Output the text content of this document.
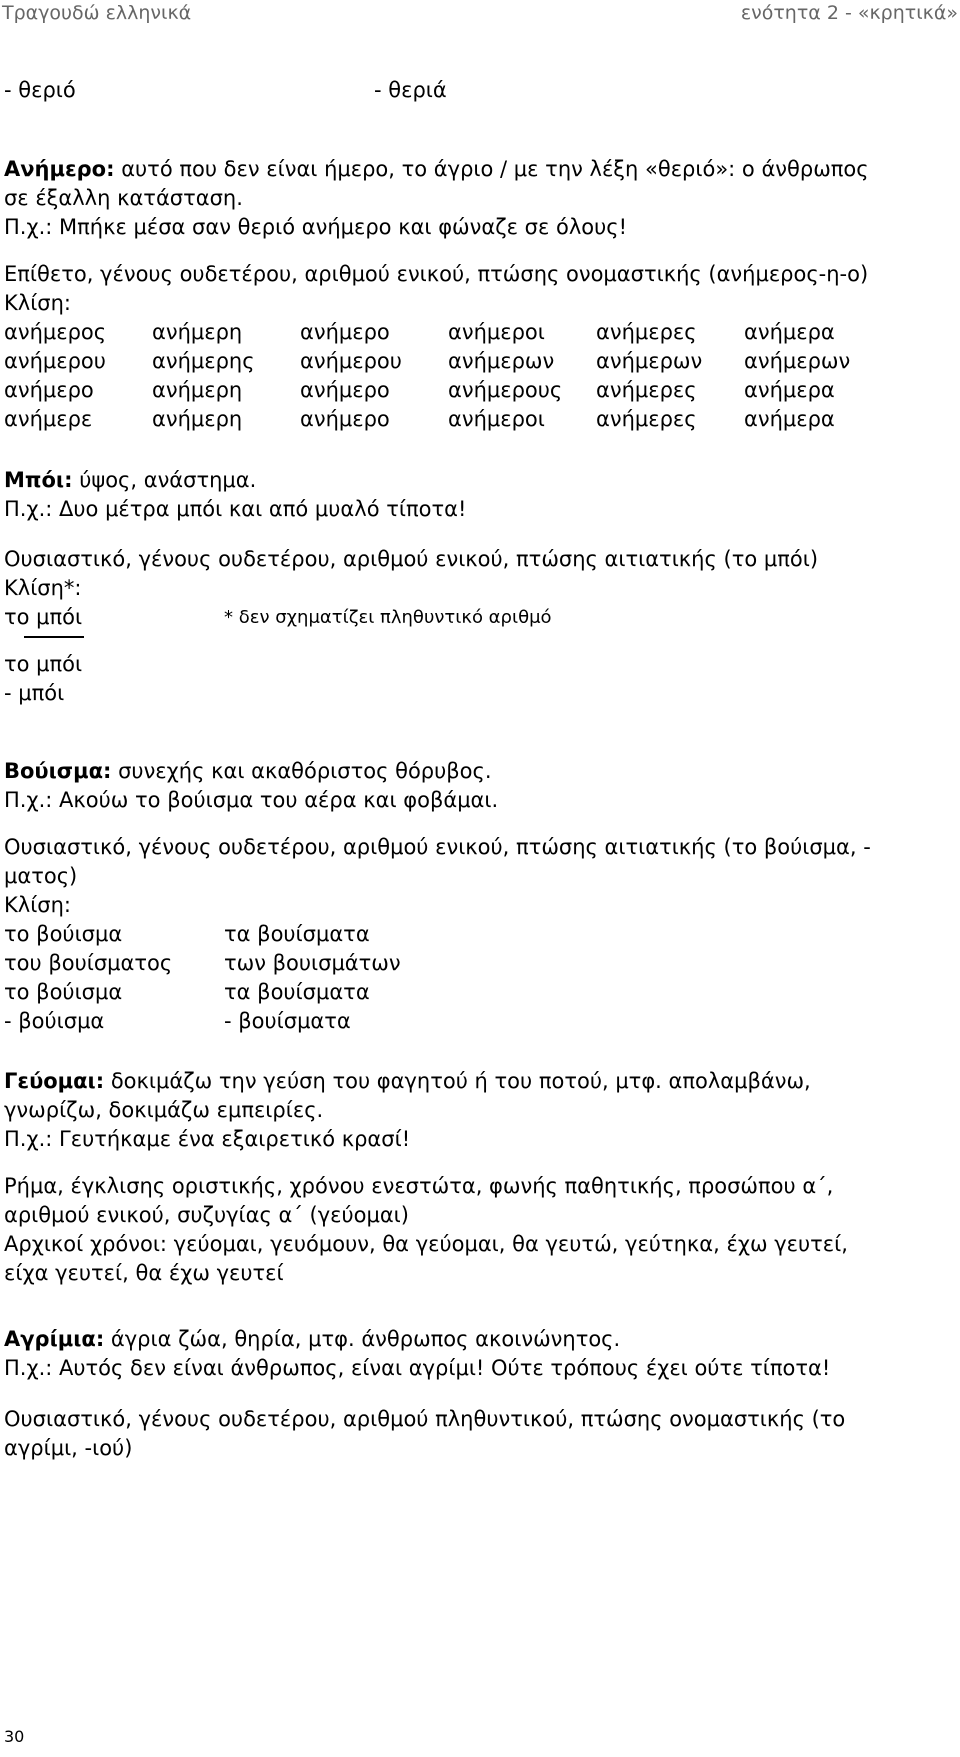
Τραγουδώ ελληνικά	ενότητα 2 - «κρητικά»
- θεριό	- θεριά
Ανήμερο: αυτό που δεν είναι ήμερο, το άγριο / με την λέξη «θεριό»: ο άνθρωπος
σε έξαλλη κατάσταση.
Π.χ.: Μπήκε μέσα σαν θεριό ανήμερο και φώναζε σε όλους!
Επίθετο, γένους ουδετέρου, αριθμού ενικού, πτώσης ονομαστικής (ανήμερος-η-ο)
Κλίση:
ανήμερος ανήμερη	ανήμερο	ανήμεροι ανήμερες ανήμερα
ανήμερου ανήμερης ανήμερου ανήμερων ανήμερων ανήμερων
ανήμερο	ανήμερη	ανήμερο	ανήμερους ανήμερες ανήμερα
ανήμερε	ανήμερη	ανήμερο	ανήμεροι ανήμερες ανήμερα
Μπόι: ύψος, ανάστημα.
Π.χ.: Δυο μέτρα μπόι και από μυαλό τίποτα!
Ουσιαστικό, γένους ουδετέρου, αριθμού ενικού, πτώσης αιτιατικής (το μπόι)
Κλίση*:
το μπόι	* δεν σχηματίζει πληθυντικό αριθμό
το μπόι
- μπόι
Βούισμα: συνεχής και ακαθόριστος θόρυβος.
Π.χ.: Ακούω το βούισμα του αέρα και φοβάμαι.
Ουσιαστικό, γένους ουδετέρου, αριθμού ενικού, πτώσης αιτιατικής (το βούισμα, -
ματος)
Κλίση:
το βούισμα	τα βουίσματα
του βουίσματος των βουισμάτων
το βούισμα	τα βουίσματα
- βούισμα	- βουίσματα
Γεύομαι: δοκιμάζω την γεύση του φαγητού ή του ποτού, μτφ. απολαμβάνω,
γνωρίζω, δοκιμάζω εμπειρίες.
Π.χ.: Γευτήκαμε ένα εξαιρετικό κρασί!
Ρήμα, έγκλισης οριστικής, χρόνου ενεστώτα, φωνής παθητικής, προσώπου α΄,
αριθμού ενικού, συζυγίας α΄ (γεύομαι)
Αρχικοί χρόνοι: γεύομαι, γευόμουν, θα γεύομαι, θα γευτώ, γεύτηκα, έχω γευτεί,
είχα γευτεί, θα έχω γευτεί
Αγρίμια: άγρια ζώα, θηρία, μτφ. άνθρωπος ακοινώνητος.
Π.χ.: Αυτός δεν είναι άνθρωπος, είναι αγρίμι! Ούτε τρόπους έχει ούτε τίποτα!
Ουσιαστικό, γένους ουδετέρου, αριθμού πληθυντικού, πτώσης ονομαστικής (το
αγρίμι, -ιού)
30
